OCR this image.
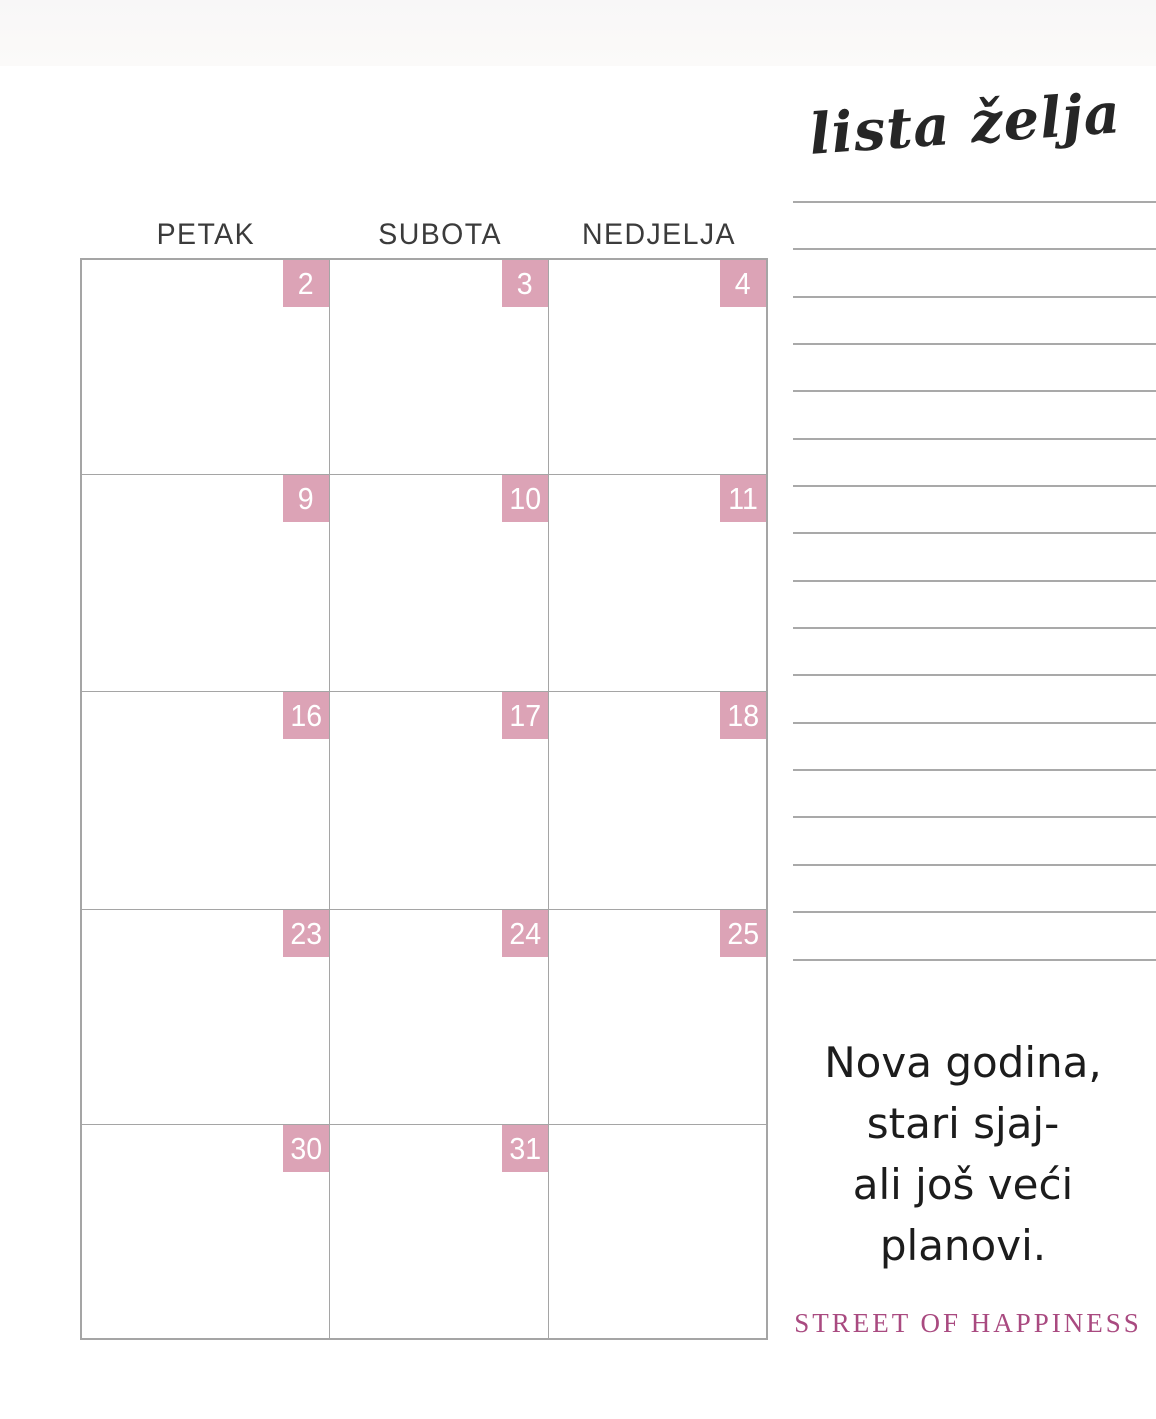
lista želja
PETAK	SUBOTA	NEDJELJA
2	3	4
9	10	11
16	17	18
23	24	25
30	31
Nova godina,
stari sjaj-
ali još veći
planovi.
STREET OF HAPPINESS
